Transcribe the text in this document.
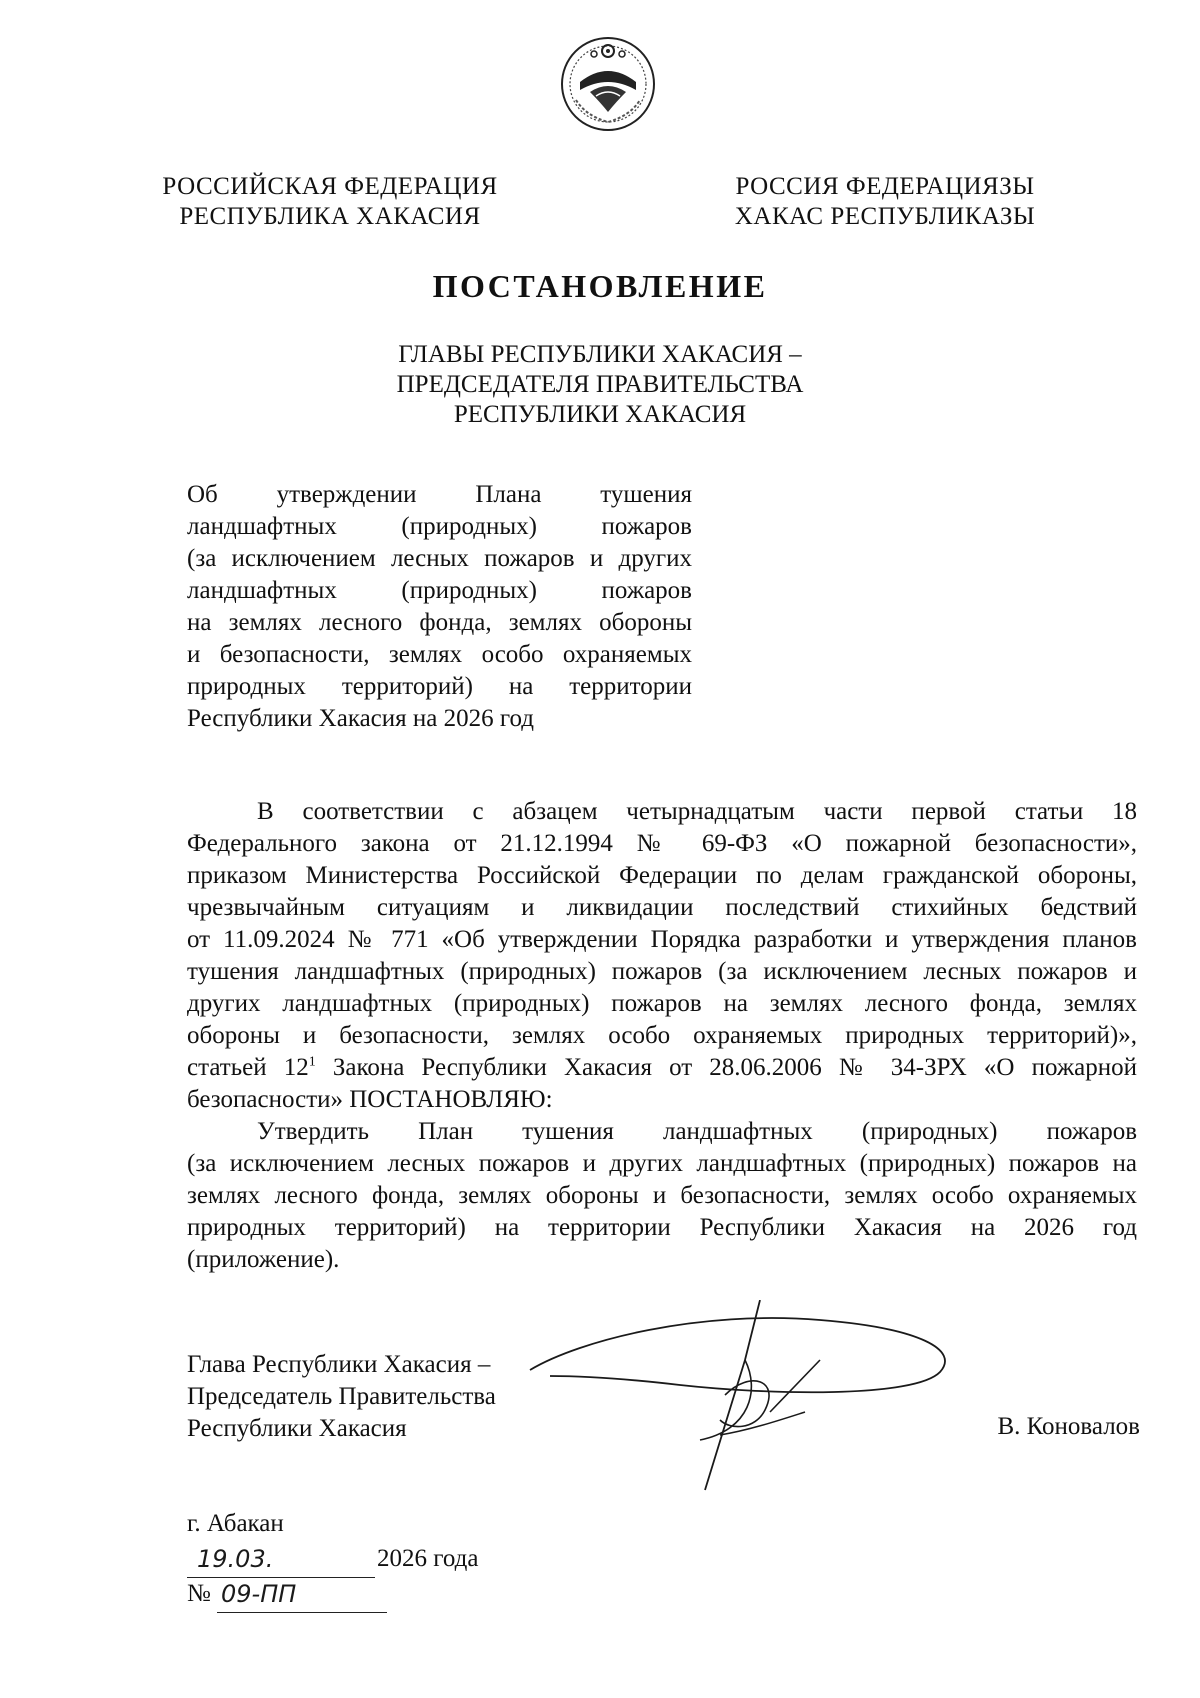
РОССИЙСКАЯ ФЕДЕРАЦИЯ
РЕСПУБЛИКА ХАКАСИЯ
РОССИЯ ФЕДЕРАЦИЯЗЫ
ХАКАС РЕСПУБЛИКАЗЫ
ПОСТАНОВЛЕНИЕ
ГЛАВЫ РЕСПУБЛИКИ ХАКАСИЯ –
ПРЕДСЕДАТЕЛЯ ПРАВИТЕЛЬСТВА
РЕСПУБЛИКИ ХАКАСИЯ
Об утверждении Плана тушения
ландшафтных (природных) пожаров
(за исключением лесных пожаров и других
ландшафтных (природных) пожаров
на землях лесного фонда, землях обороны
и безопасности, землях особо охраняемых
природных территорий) на территории
Республики Хакасия на 2026 год
В соответствии с абзацем четырнадцатым части первой статьи 18
Федерального закона от 21.12.1994 № 69-ФЗ «О пожарной безопасности»,
приказом Министерства Российской Федерации по делам гражданской обороны,
чрезвычайным ситуациям и ликвидации последствий стихийных бедствий
от 11.09.2024 № 771 «Об утверждении Порядка разработки и утверждения планов
тушения ландшафтных (природных) пожаров (за исключением лесных пожаров и
других ландшафтных (природных) пожаров на землях лесного фонда, землях
обороны и безопасности, землях особо охраняемых природных территорий)»,
статьей $12^1$ Закона Республики Хакасия от 28.06.2006 № 34-ЗРХ «О пожарной
безопасности» ПОСТАНОВЛЯЮ:
Утвердить План тушения ландшафтных (природных) пожаров
(за исключением лесных пожаров и других ландшафтных (природных) пожаров на
землях лесного фонда, землях обороны и безопасности, землях особо охраняемых
природных территорий) на территории Республики Хакасия на 2026 год
(приложение).
Глава Республики Хакасия –
Председатель Правительства
Республики Хакасия	В. Коновалов
г. Абакан
19.03.	2026 года
№ 09-ПП
